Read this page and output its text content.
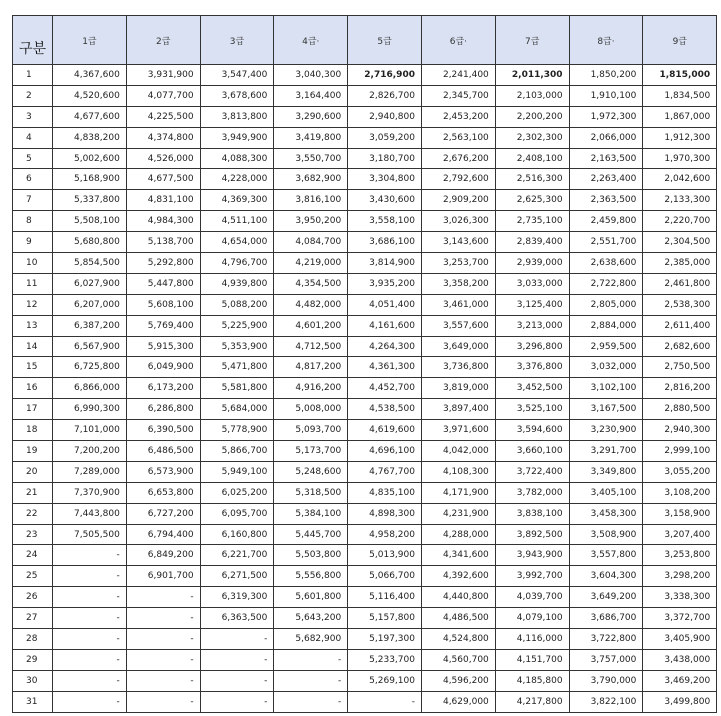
구분	1급	2급	3급	4급·	5급	6급·	7급	8급·	9급
1	4,367,600	3,931,900	3,547,400	3,040,300	2,716,900	2,241,400	2,011,300	1,850,200	1,815,000
2	4,520,600	4,077,700	3,678,600	3,164,400	2,826,700	2,345,700	2,103,000	1,910,100	1,834,500
3	4,677,600	4,225,500	3,813,800	3,290,600	2,940,800	2,453,200	2,200,200	1,972,300	1,867,000
4	4,838,200	4,374,800	3,949,900	3,419,800	3,059,200	2,563,100	2,302,300	2,066,000	1,912,300
5	5,002,600	4,526,000	4,088,300	3,550,700	3,180,700	2,676,200	2,408,100	2,163,500	1,970,300
6	5,168,900	4,677,500	4,228,000	3,682,900	3,304,800	2,792,600	2,516,300	2,263,400	2,042,600
7	5,337,800	4,831,100	4,369,300	3,816,100	3,430,600	2,909,200	2,625,300	2,363,500	2,133,300
8	5,508,100	4,984,300	4,511,100	3,950,200	3,558,100	3,026,300	2,735,100	2,459,800	2,220,700
9	5,680,800	5,138,700	4,654,000	4,084,700	3,686,100	3,143,600	2,839,400	2,551,700	2,304,500
10	5,854,500	5,292,800	4,796,700	4,219,000	3,814,900	3,253,700	2,939,000	2,638,600	2,385,000
11	6,027,900	5,447,800	4,939,800	4,354,500	3,935,200	3,358,200	3,033,000	2,722,800	2,461,800
12	6,207,000	5,608,100	5,088,200	4,482,000	4,051,400	3,461,000	3,125,400	2,805,000	2,538,300
13	6,387,200	5,769,400	5,225,900	4,601,200	4,161,600	3,557,600	3,213,000	2,884,000	2,611,400
14	6,567,900	5,915,300	5,353,900	4,712,500	4,264,300	3,649,000	3,296,800	2,959,500	2,682,600
15	6,725,800	6,049,900	5,471,800	4,817,200	4,361,300	3,736,800	3,376,800	3,032,000	2,750,500
16	6,866,000	6,173,200	5,581,800	4,916,200	4,452,700	3,819,000	3,452,500	3,102,100	2,816,200
17	6,990,300	6,286,800	5,684,000	5,008,000	4,538,500	3,897,400	3,525,100	3,167,500	2,880,500
18	7,101,000	6,390,500	5,778,900	5,093,700	4,619,600	3,971,600	3,594,600	3,230,900	2,940,300
19	7,200,200	6,486,500	5,866,700	5,173,700	4,696,100	4,042,000	3,660,100	3,291,700	2,999,100
20	7,289,000	6,573,900	5,949,100	5,248,600	4,767,700	4,108,300	3,722,400	3,349,800	3,055,200
21	7,370,900	6,653,800	6,025,200	5,318,500	4,835,100	4,171,900	3,782,000	3,405,100	3,108,200
22	7,443,800	6,727,200	6,095,700	5,384,100	4,898,300	4,231,900	3,838,100	3,458,300	3,158,900
23	7,505,500	6,794,400	6,160,800	5,445,700	4,958,200	4,288,000	3,892,500	3,508,900	3,207,400
24	-	6,849,200	6,221,700	5,503,800	5,013,900	4,341,600	3,943,900	3,557,800	3,253,800
25	-	6,901,700	6,271,500	5,556,800	5,066,700	4,392,600	3,992,700	3,604,300	3,298,200
26	-	-	6,319,300	5,601,800	5,116,400	4,440,800	4,039,700	3,649,200	3,338,300
27	-	-	6,363,500	5,643,200	5,157,800	4,486,500	4,079,100	3,686,700	3,372,700
28	-	-	-	5,682,900	5,197,300	4,524,800	4,116,000	3,722,800	3,405,900
29	-	-	-	-	5,233,700	4,560,700	4,151,700	3,757,000	3,438,000
30	-	-	-	-	5,269,100	4,596,200	4,185,800	3,790,000	3,469,200
31	-	-	-	-	-	4,629,000	4,217,800	3,822,100	3,499,800
